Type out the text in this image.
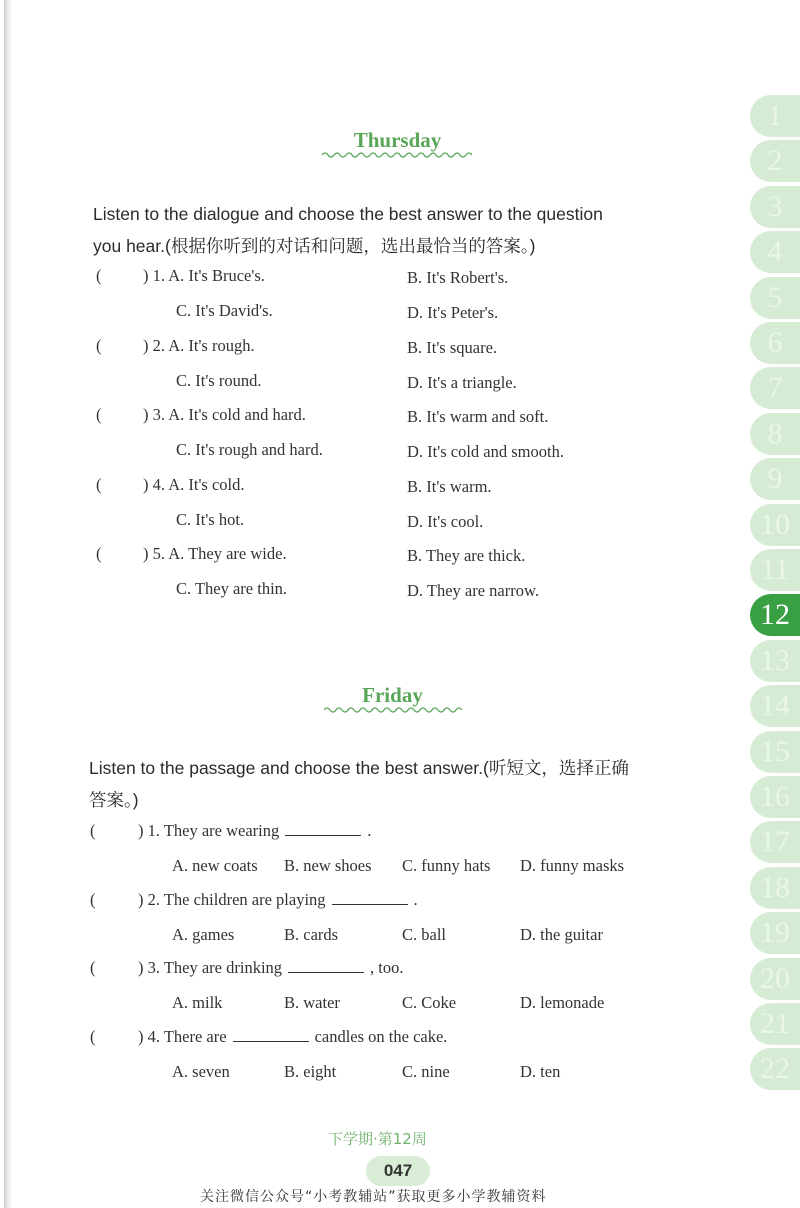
1
2
3
4
5
6
7
8
9
10
11
12
13
14
15
16
17
18
19
20
21
22
Thursday
Listen to the dialogue and choose the best answer to the question
you hear.(根据你听到的对话和问题，选出最恰当的答案。)
(	) 1. A. It's Bruce's.	B. It's Robert's.
C. It's David's.	D. It's Peter's.
(	) 2. A. It's rough.	B. It's square.
C. It's round.	D. It's a triangle.
(	) 3. A. It's cold and hard.	B. It's warm and soft.
C. It's rough and hard.	D. It's cold and smooth.
(	) 4. A. It's cold.	B. It's warm.
C. It's hot.	D. It's cool.
(	) 5. A. They are wide.	B. They are thick.
C. They are thin.	D. They are narrow.
Friday
Listen to the passage and choose the best answer.(听短文，选择正确
答案。)
(	) 1. They are wearing	.
A. new coats B. new shoes C. funny hats D. funny masks
(	) 2. The children are playing	.
A. games	B. cards	C. ball	D. the guitar
(	) 3. They are drinking	, too.
A. milk	B. water	C. Coke	D. lemonade
(	) 4. There are	candles on the cake.
A. seven	B. eight	C. nine	D. ten
下学期·第12周
047
关注微信公众号“小考教辅站”获取更多小学教辅资料
